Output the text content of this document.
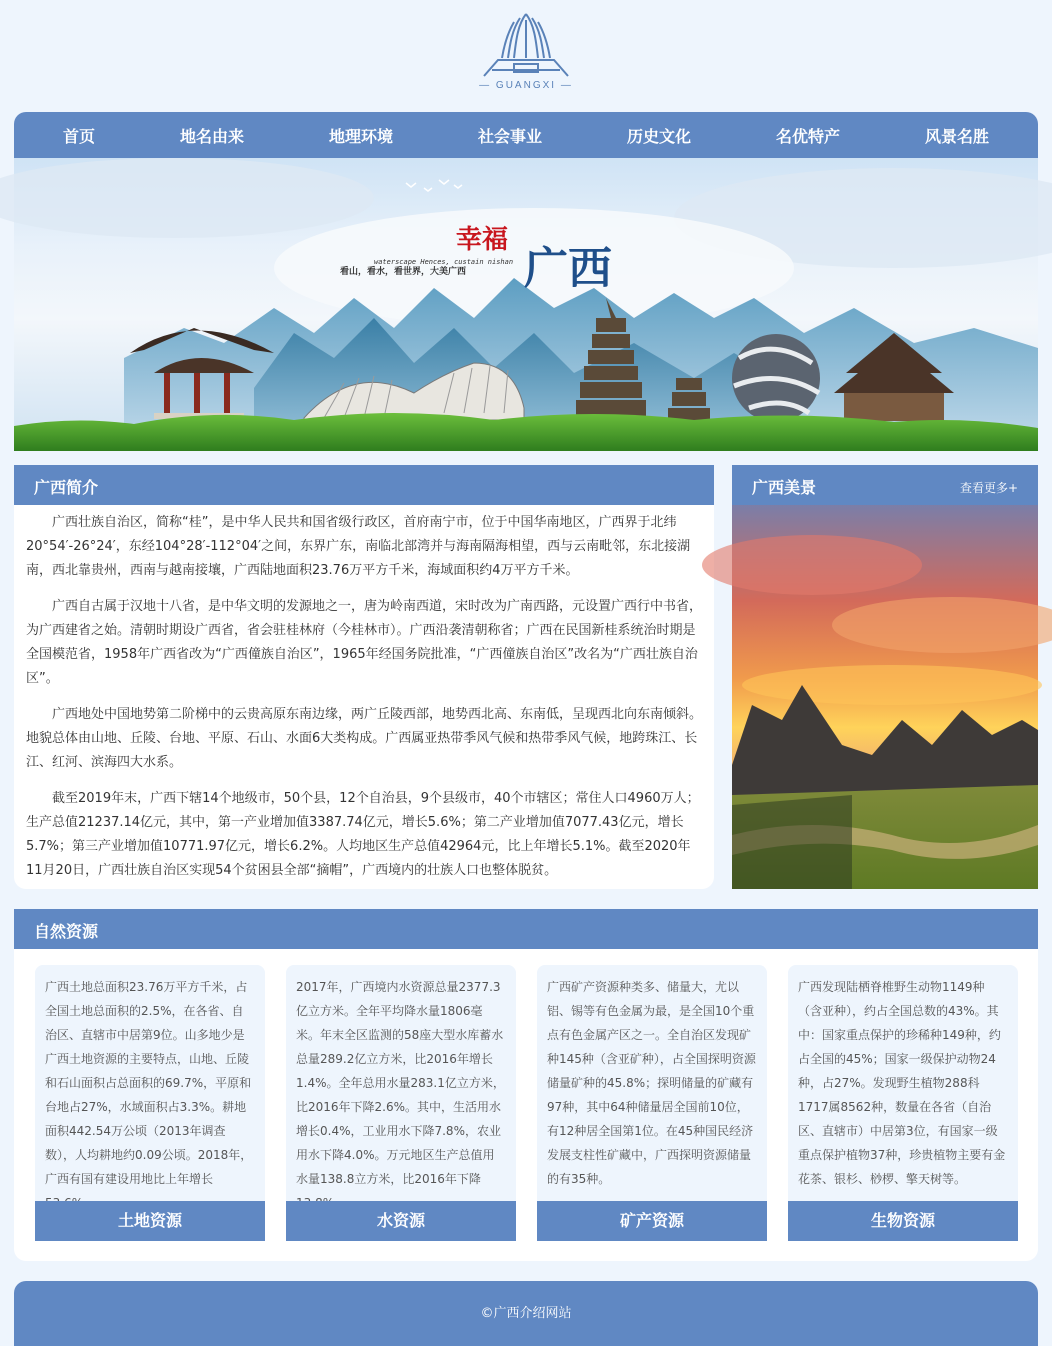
— GUANGXI —
首页	地名由来	地理环境	社会事业	历史文化	名优特产	风景名胜
幸福
广西
waterscape Hences, custain nishan
看山，看水，看世界，大美广西
广西简介

广西壮族自治区，简称“桂”，是中华人民共和国省级行政区，首府南宁市，位于中国华南地区，广西界于北纬20°54′-26°24′，东经104°28′-112°04′之间，东界广东，南临北部湾并与海南隔海相望，西与云南毗邻，东北接湖南，西北靠贵州，西南与越南接壤，广西陆地面积23.76万平方千米，海域面积约4万平方千米。

广西自古属于汉地十八省，是中华文明的发源地之一，唐为岭南西道，宋时改为广南西路，元设置广西行中书省，为广西建省之始。清朝时期设广西省，省会驻桂林府（今桂林市）。广西沿袭清朝称省；广西在民国新桂系统治时期是全国模范省，1958年广西省改为“广西僮族自治区”，1965年经国务院批准，“广西僮族自治区”改名为“广西壮族自治区”。

广西地处中国地势第二阶梯中的云贵高原东南边缘，两广丘陵西部，地势西北高、东南低，呈现西北向东南倾斜。地貌总体由山地、丘陵、台地、平原、石山、水面6大类构成。广西属亚热带季风气候和热带季风气候，地跨珠江、长江、红河、滨海四大水系。

截至2019年末，广西下辖14个地级市，50个县，12个自治县，9个县级市，40个市辖区；常住人口4960万人；生产总值21237.14亿元，其中，第一产业增加值3387.74亿元，增长5.6%；第二产业增加值7077.43亿元，增长5.7%；第三产业增加值10771.97亿元，增长6.2%。人均地区生产总值42964元，比上年增长5.1%。截至2020年11月20日，广西壮族自治区实现54个贫困县全部“摘帽”，广西境内的壮族人口也整体脱贫。

广西美景	查看更多+
自然资源
广西土地总面积23.76万平方千米，占全国土地总面积的2.5%，在各省、自治区、直辖市中居第9位。山多地少是广西土地资源的主要特点，山地、丘陵和石山面积占总面积的69.7%，平原和台地占27%，水域面积占3.3%。耕地面积442.54万公顷（2013年调查数），人均耕地约0.09公顷。2018年，广西有国有建设用地比上年增长
土地资源
2017年，广西境内水资源总量2377.3亿立方米。全年平均降水量1806毫米。年末全区监测的58座大型水库蓄水总量289.2亿立方米，比2016年增长1.4%。全年总用水量283.1亿立方米，比2016年下降2.6%。其中，生活用水增长0.4%，工业用水下降7.8%，农业用水下降4.0%。万元地区生产总值用水量138.8立方米，比2016年下降
水资源
广西矿产资源种类多、储量大，尤以铝、锡等有色金属为最，是全国10个重点有色金属产区之一。全自治区发现矿种145种（含亚矿种），占全国探明资源储量矿种的45.8%；探明储量的矿藏有97种，其中64种储量居全国前10位，有12种居全国第1位。在45种国民经济发展支柱性矿藏中，广西探明资源储量的有35种。
矿产资源
广西发现陆栖脊椎野生动物1149种（含亚种），约占全国总数的43%。其中：国家重点保护的珍稀种149种，约占全国的45%；国家一级保护动物24种，占27%。发现野生植物288科1717属8562种，数量在各省（自治区、直辖市）中居第3位，有国家一级重点保护植物37种，珍贵植物主要有金花茶、银杉、桫椤、擎天树等。
生物资源
©广西介绍网站
